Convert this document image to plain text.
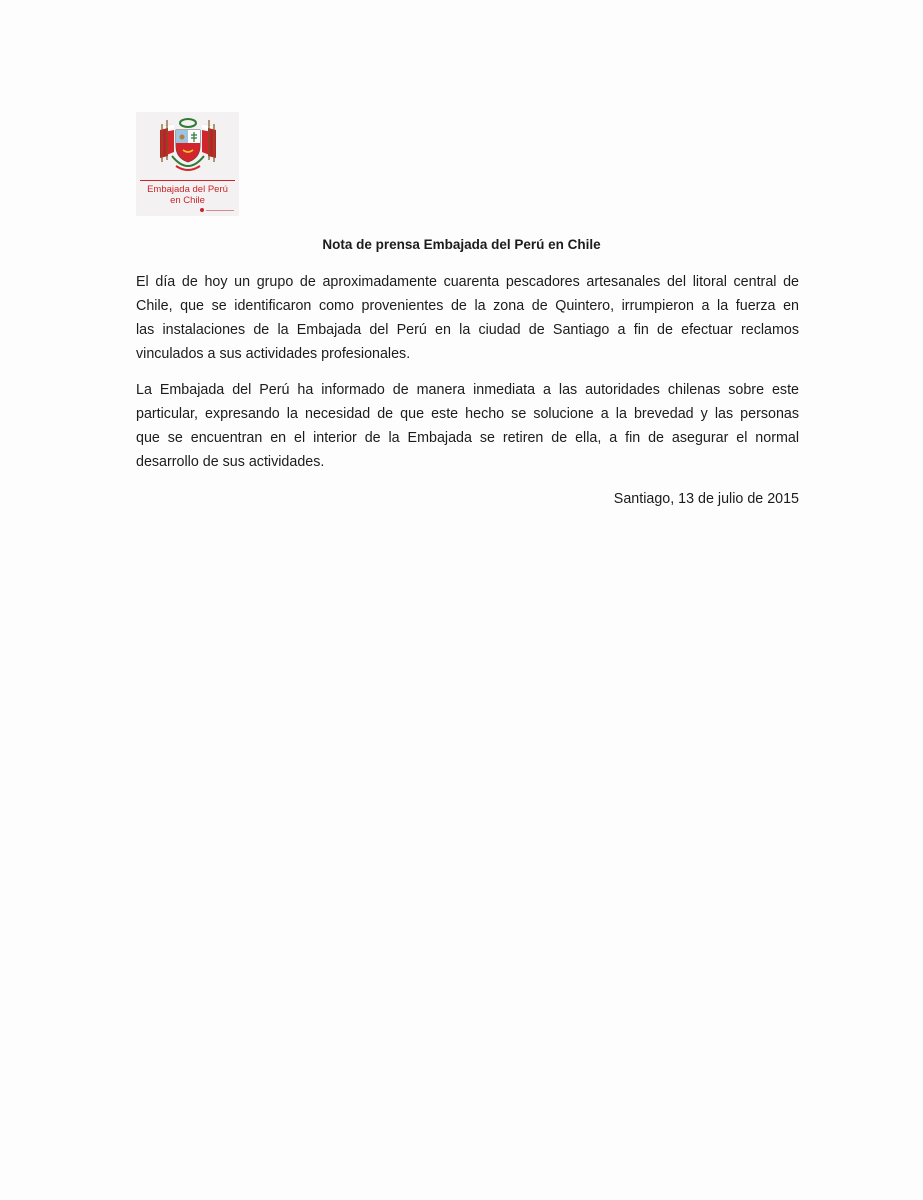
Embajada del Perú
en Chile
Nota de prensa Embajada del Perú en Chile

El día de hoy un grupo de aproximadamente cuarenta pescadores artesanales del litoral central de
Chile, que se identificaron como provenientes de la zona de Quintero, irrumpieron a la fuerza en
las instalaciones de la Embajada del Perú en la ciudad de Santiago a fin de efectuar reclamos
vinculados a sus actividades profesionales.

La Embajada del Perú ha informado de manera inmediata a las autoridades chilenas sobre este
particular, expresando la necesidad de que este hecho se solucione a la brevedad y las personas
que se encuentran en el interior de la Embajada se retiren de ella, a fin de asegurar el normal
desarrollo de sus actividades.

Santiago, 13 de julio de 2015
